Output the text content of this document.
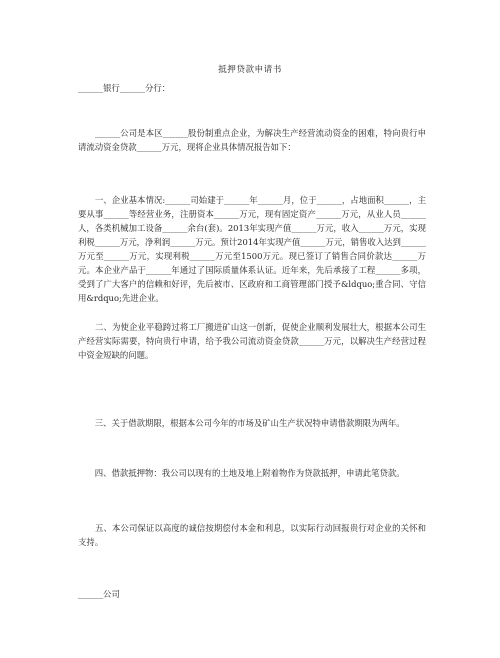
抵押贷款申请书
______银行______分行：
　　______公司是本区______股份制重点企业，为解决生产经营流动资金的困难，特向贵行申请流动资金贷款______万元，现将企业具体情况报告如下：
　　一、企业基本情况:______司始建于______年______月，位于______，占地面积______，主要从事______等经营业务，注册资本______万元，现有固定资产______万元，从业人员______人，各类机械加工设备______余台(套)。2013年实现产值______万元，收入______万元，实现利税______万元，净利润______万元。预计2014年实现产值______万元，销售收入达到______万元至______万元，实现利税______万元至1500万元。现已签订了销售合同价款达______万元。本企业产品于______年通过了国际质量体系认证。近年来，先后承接了工程______多项，受到了广大客户的信赖和好评，先后被市、区政府和工商管理部门授予&ldquo;重合同、守信用&rdquo;先进企业。
　　二、为使企业平稳跨过将工厂搬进矿山这一创新，促使企业顺利发展壮大，根据本公司生产经营实际需要，特向贵行申请，给予我公司流动资金贷款______万元，以解决生产经营过程中资金短缺的问题。
　　三、关于借款期限，根据本公司今年的市场及矿山生产状况特申请借款期限为两年。
　　四、借款抵押物：我公司以现有的土地及地上附着物作为贷款抵押，申请此笔贷款。
　　五、本公司保证以高度的诚信按期偿付本金和利息，以实际行动回报贵行对企业的关怀和支持。
______公司
